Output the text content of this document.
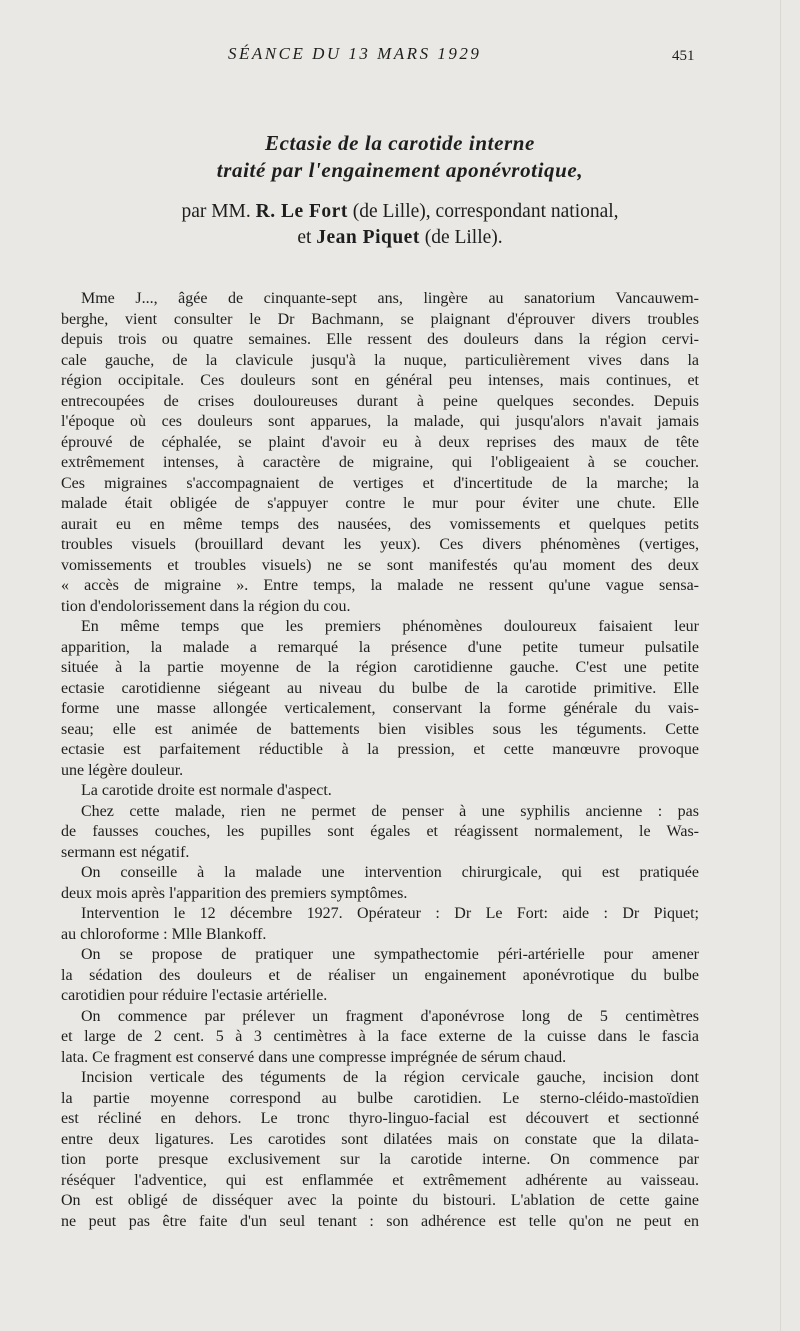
SÉANCE DU 13 MARS 1929	451
Ectasie de la carotide interne
traité par l'engainement aponévrotique,
par MM. R. Le Fort (de Lille), correspondant national,
et Jean Piquet (de Lille).
Mme J..., âgée de cinquante-sept ans, lingère au sanatorium Vancauwem-
berghe, vient consulter le Dr Bachmann, se plaignant d'éprouver divers troubles
depuis trois ou quatre semaines. Elle ressent des douleurs dans la région cervi-
cale gauche, de la clavicule jusqu'à la nuque, particulièrement vives dans la
région occipitale. Ces douleurs sont en général peu intenses, mais continues, et
entrecoupées de crises douloureuses durant à peine quelques secondes. Depuis
l'époque où ces douleurs sont apparues, la malade, qui jusqu'alors n'avait jamais
éprouvé de céphalée, se plaint d'avoir eu à deux reprises des maux de tête
extrêmement intenses, à caractère de migraine, qui l'obligeaient à se coucher.
Ces migraines s'accompagnaient de vertiges et d'incertitude de la marche; la
malade était obligée de s'appuyer contre le mur pour éviter une chute. Elle
aurait eu en même temps des nausées, des vomissements et quelques petits
troubles visuels (brouillard devant les yeux). Ces divers phénomènes (vertiges,
vomissements et troubles visuels) ne se sont manifestés qu'au moment des deux
« accès de migraine ». Entre temps, la malade ne ressent qu'une vague sensa-
tion d'endolorissement dans la région du cou.
En même temps que les premiers phénomènes douloureux faisaient leur
apparition, la malade a remarqué la présence d'une petite tumeur pulsatile
située à la partie moyenne de la région carotidienne gauche. C'est une petite
ectasie carotidienne siégeant au niveau du bulbe de la carotide primitive. Elle
forme une masse allongée verticalement, conservant la forme générale du vais-
seau; elle est animée de battements bien visibles sous les téguments. Cette
ectasie est parfaitement réductible à la pression, et cette manœuvre provoque
une légère douleur.
La carotide droite est normale d'aspect.
Chez cette malade, rien ne permet de penser à une syphilis ancienne : pas
de fausses couches, les pupilles sont égales et réagissent normalement, le Was-
sermann est négatif.
On conseille à la malade une intervention chirurgicale, qui est pratiquée
deux mois après l'apparition des premiers symptômes.
Intervention le 12 décembre 1927. Opérateur : Dr Le Fort: aide : Dr Piquet;
au chloroforme : Mlle Blankoff.
On se propose de pratiquer une sympathectomie péri-artérielle pour amener
la sédation des douleurs et de réaliser un engainement aponévrotique du bulbe
carotidien pour réduire l'ectasie artérielle.
On commence par prélever un fragment d'aponévrose long de 5 centimètres
et large de 2 cent. 5 à 3 centimètres à la face externe de la cuisse dans le fascia
lata. Ce fragment est conservé dans une compresse imprégnée de sérum chaud.
Incision verticale des téguments de la région cervicale gauche, incision dont
la partie moyenne correspond au bulbe carotidien. Le sterno-cléido-mastoïdien
est récliné en dehors. Le tronc thyro-linguo-facial est découvert et sectionné
entre deux ligatures. Les carotides sont dilatées mais on constate que la dilata-
tion porte presque exclusivement sur la carotide interne. On commence par
réséquer l'adventice, qui est enflammée et extrêmement adhérente au vaisseau.
On est obligé de disséquer avec la pointe du bistouri. L'ablation de cette gaine
ne peut pas être faite d'un seul tenant : son adhérence est telle qu'on ne peut en
